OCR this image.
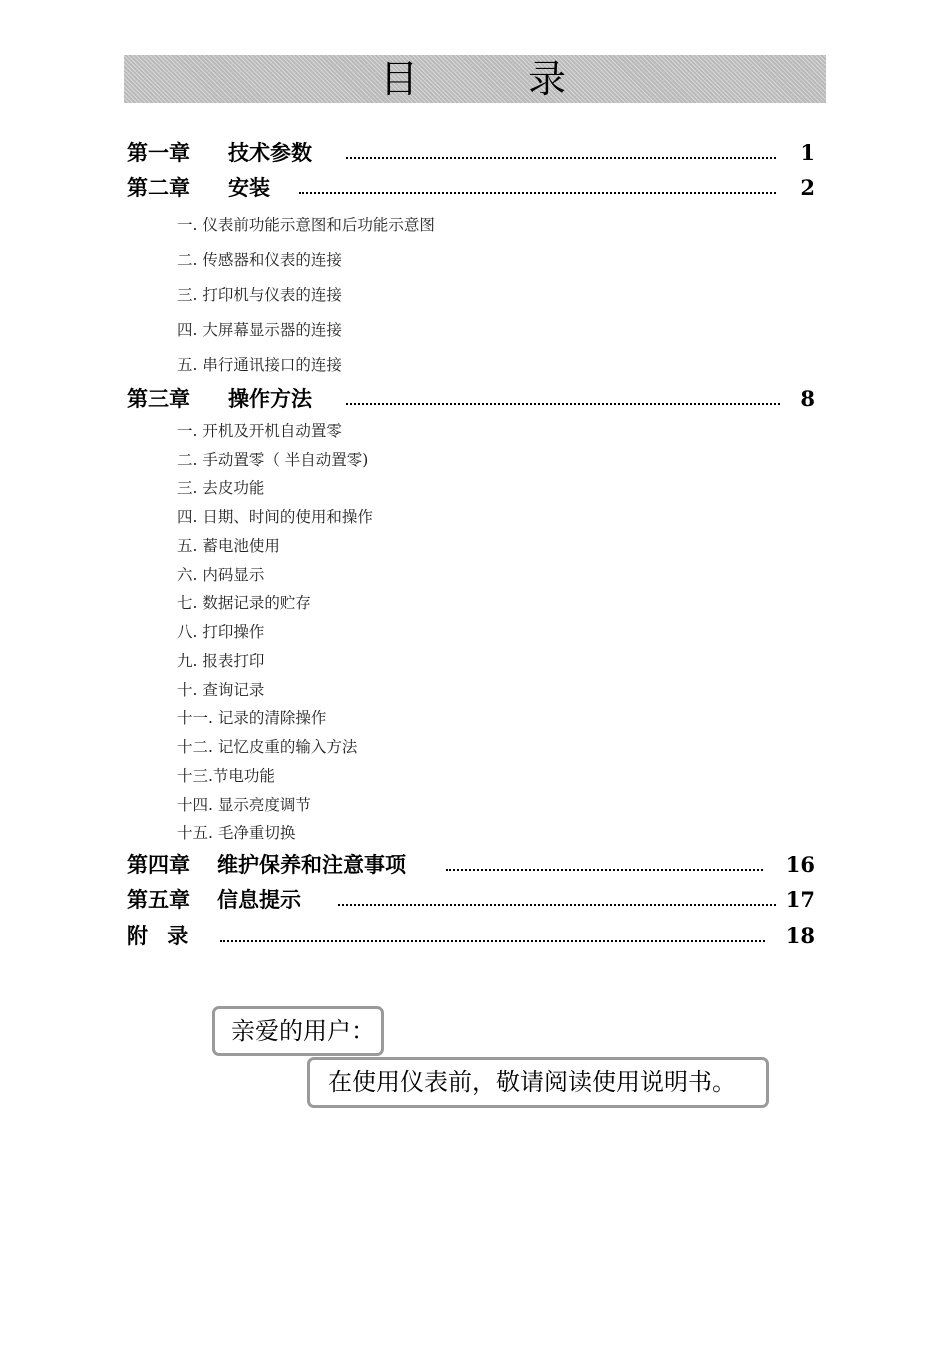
目	录
第一章 技术参数	1
第二章 安装	2
一. 仪表前功能示意图和后功能示意图
二. 传感器和仪表的连接
三. 打印机与仪表的连接
四. 大屏幕显示器的连接
五. 串行通讯接口的连接
第三章 操作方法	8
一. 开机及开机自动置零
二. 手动置零（ 半自动置零)
三. 去皮功能
四. 日期、时间的使用和操作
五. 蓄电池使用
六. 内码显示
七. 数据记录的贮存
八. 打印操作
九. 报表打印
十. 查询记录
十一. 记录的清除操作
十二. 记忆皮重的输入方法
十三.节电功能
十四. 显示亮度调节
十五. 毛净重切换
第四章 维护保养和注意事项	16
第五章 信息提示	17
附 录	18
亲爱的用户：
在使用仪表前，敬请阅读使用说明书。
